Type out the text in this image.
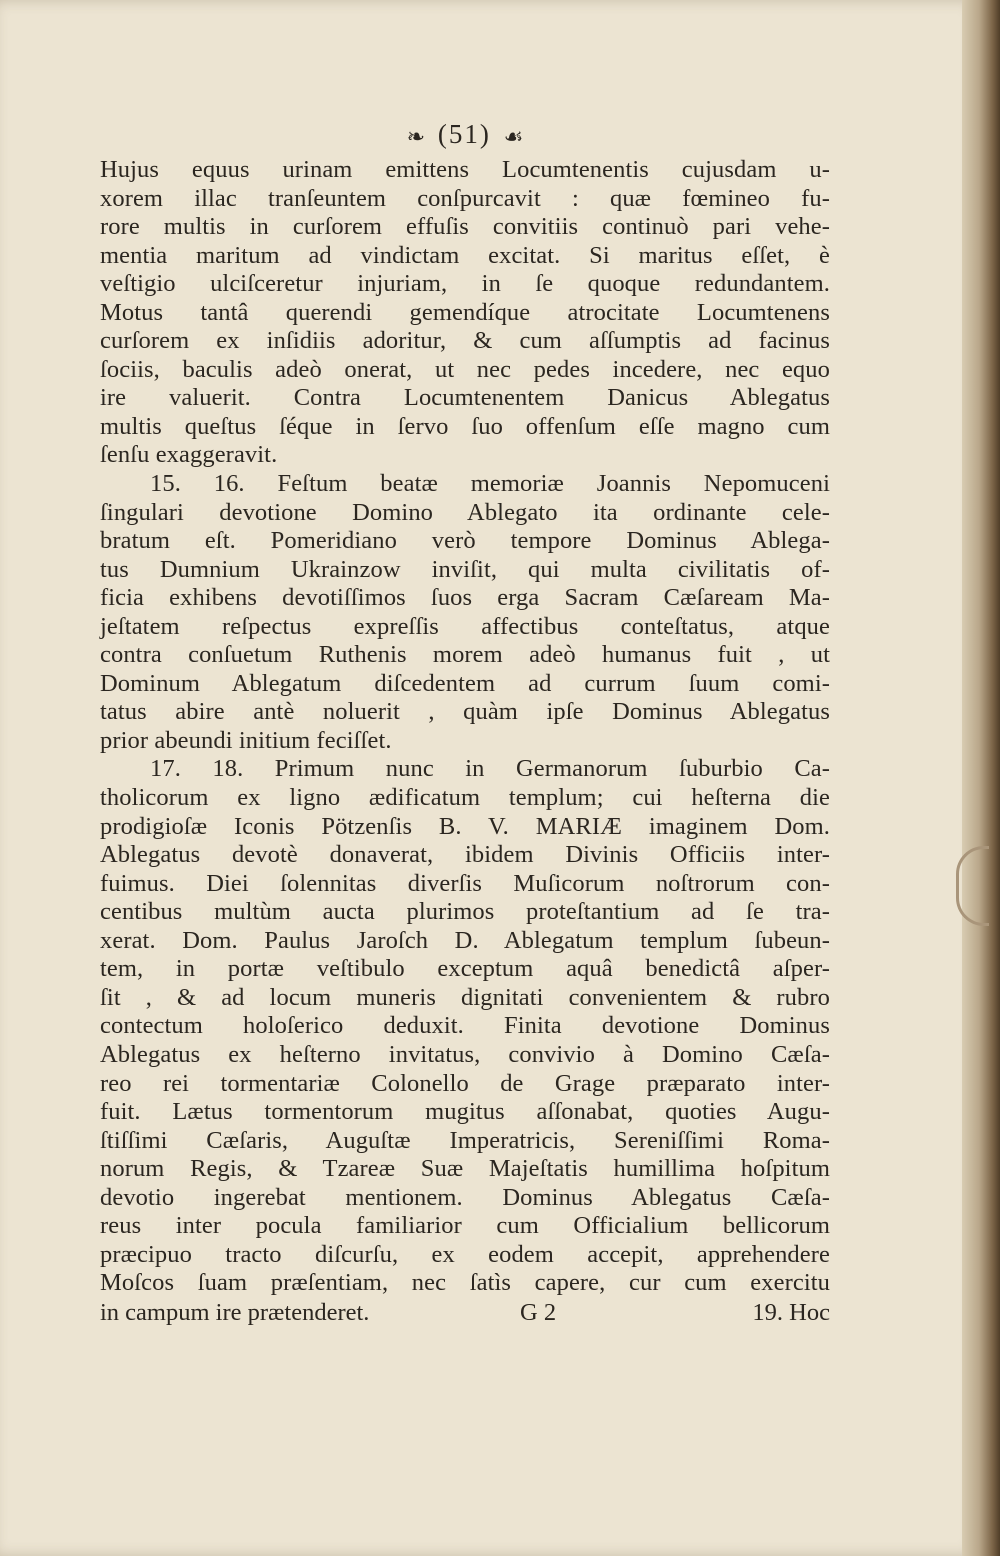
❧ (51) ☙
Hujus equus urinam emittens Locumtenentis cujusdam u-
xorem illac tranſeuntem conſpurcavit : quæ fœmineo fu-
rore multis in curſorem effuſis convitiis continuò pari vehe-
mentia maritum ad vindictam excitat. Si maritus eſſet, è
veſtigio ulciſceretur injuriam, in ſe quoque redundantem.
Motus tantâ querendi gemendíque atrocitate Locumtenens
curſorem ex inſidiis adoritur, & cum aſſumptis ad facinus
ſociis, baculis adeò onerat, ut nec pedes incedere, nec equo
ire valuerit. Contra Locumtenentem Danicus Ablegatus
multis queſtus ſéque in ſervo ſuo offenſum eſſe magno cum
ſenſu exaggeravit.
15. 16. Feſtum beatæ memoriæ Joannis Nepomuceni
ſingulari devotione Domino Ablegato ita ordinante cele-
bratum eſt. Pomeridiano verò tempore Dominus Ablega-
tus Dumnium Ukrainzow inviſit, qui multa civilitatis of-
ficia exhibens devotiſſimos ſuos erga Sacram Cæſaream Ma-
jeſtatem reſpectus expreſſis affectibus conteſtatus, atque
contra conſuetum Ruthenis morem adeò humanus fuit , ut
Dominum Ablegatum diſcedentem ad currum ſuum comi-
tatus abire antè noluerit , quàm ipſe Dominus Ablegatus
prior abeundi initium feciſſet.
17. 18. Primum nunc in Germanorum ſuburbio Ca-
tholicorum ex ligno ædificatum templum; cui heſterna die
prodigioſæ Iconis Pötzenſis B. V. MARIÆ imaginem Dom.
Ablegatus devotè donaverat, ibidem Divinis Officiis inter-
fuimus. Diei ſolennitas diverſis Muſicorum noſtrorum con-
centibus multùm aucta plurimos proteſtantium ad ſe tra-
xerat. Dom. Paulus Jaroſch D. Ablegatum templum ſubeun-
tem, in portæ veſtibulo exceptum aquâ benedictâ aſper-
ſit , & ad locum muneris dignitati convenientem & rubro
contectum holoſerico deduxit. Finita devotione Dominus
Ablegatus ex heſterno invitatus, convivio à Domino Cæſa-
reo rei tormentariæ Colonello de Grage præparato inter-
fuit. Lætus tormentorum mugitus aſſonabat, quoties Augu-
ſtiſſimi Cæſaris, Auguſtæ Imperatricis, Sereniſſimi Roma-
norum Regis, & Tzareæ Suæ Majeſtatis humillima hoſpitum
devotio ingerebat mentionem. Dominus Ablegatus Cæſa-
reus inter pocula familiarior cum Officialium bellicorum
præcipuo tracto diſcurſu, ex eodem accepit, apprehendere
Moſcos ſuam præſentiam, nec ſatìs capere, cur cum exercitu
in campum ire prætenderet.	G 2	19. Hoc
